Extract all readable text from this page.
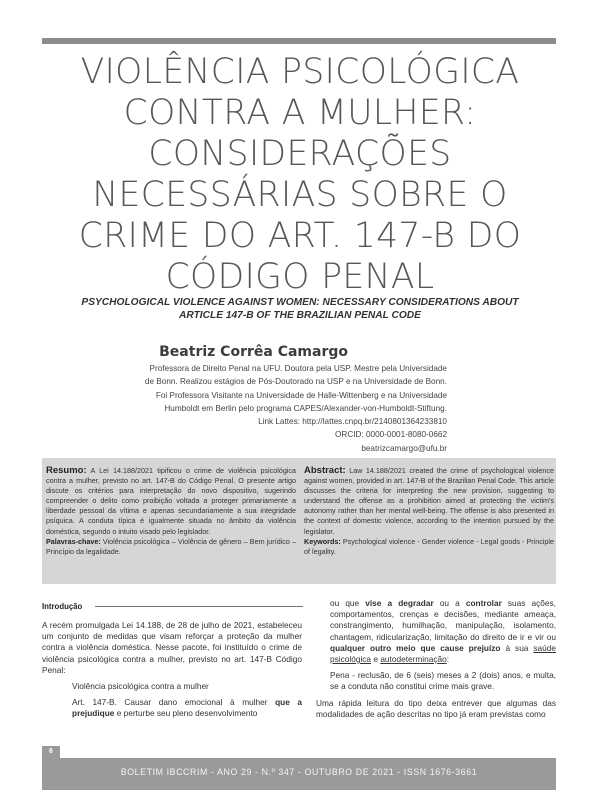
VIOLÊNCIA PSICOLÓGICA
CONTRA A MULHER:
CONSIDERAÇÕES
NECESSÁRIAS SOBRE O
CRIME DO ART. 147-B DO
CÓDIGO PENAL
PSYCHOLOGICAL VIOLENCE AGAINST WOMEN: NECESSARY CONSIDERATIONS ABOUT
ARTICLE 147-B OF THE BRAZILIAN PENAL CODE
Beatriz Corrêa Camargo
Professora de Direito Penal na UFU. Doutora pela USP. Mestre pela Universidade
de Bonn. Realizou estágios de Pós-Doutorado na USP e na Universidade de Bonn.
Foi Professora Visitante na Universidade de Halle-Wittenberg e na Universidade
Humboldt em Berlin pelo programa CAPES/Alexander-von-Humboldt-Stiftung.
Link Lattes: http://lattes.cnpq.br/2140801364233810
ORCID: 0000-0001-8080-0662
beatrizcamargo@ufu.br
Resumo: A Lei 14.188/2021 tipificou o crime de violência psicológica contra a mulher, previsto no art. 147-B do Código Penal. O presente artigo discute os critérios para interpretação do novo dispositivo, sugerindo compreender o delito como proibição voltada a proteger primariamente a liberdade pessoal da vítima e apenas secundariamente a sua integridade psíquica. A conduta típica é igualmente situada no âmbito da violência doméstica, segundo o intuito visado pelo legislador.
Palavras-chave: Violência psicológica – Violência de gênero – Bem jurídico – Princípio da legalidade.
Abstract: Law 14.188/2021 created the crime of psychological violence against women, provided in art. 147-B of the Brazilian Penal Code. This article discusses the criteria for interpreting the new provision, suggesting to understand the offense as a prohibition aimed at protecting the victim's autonomy rather than her mental well-being. The offense is also presented in the context of domestic violence, according to the intention pursued by the legislator.
Keywords: Psychological violence - Gender violence - Legal goods - Principle of legality.
Introdução

A recém promulgada Lei 14.188, de 28 de julho de 2021, estabeleceu um conjunto de medidas que visam reforçar a proteção da mulher contra a violência doméstica. Nesse pacote, foi instituído o crime de violência psicológica contra a mulher, previsto no art. 147-B Código Penal:

Violência psicológica contra a mulher

Art. 147-B. Causar dano emocional à mulher que a prejudique e perturbe seu pleno desenvolvimento

ou que vise a degradar ou a controlar suas ações, comportamentos, crenças e decisões, mediante ameaça, constrangimento, humilhação, manipulação, isolamento, chantagem, ridicularização, limitação do direito de ir e vir ou qualquer outro meio que cause prejuízo à sua saúde psicológica e autodeterminação:

Pena - reclusão, de 6 (seis) meses a 2 (dois) anos, e multa, se a conduta não constitui crime mais grave.

Uma rápida leitura do tipo deixa entrever que algumas das modalidades de ação descritas no tipo já eram previstas como

6
BOLETIM IBCCRIM - ANO 29 - N.º 347 - OUTUBRO DE 2021 - ISSN 1676-3661
